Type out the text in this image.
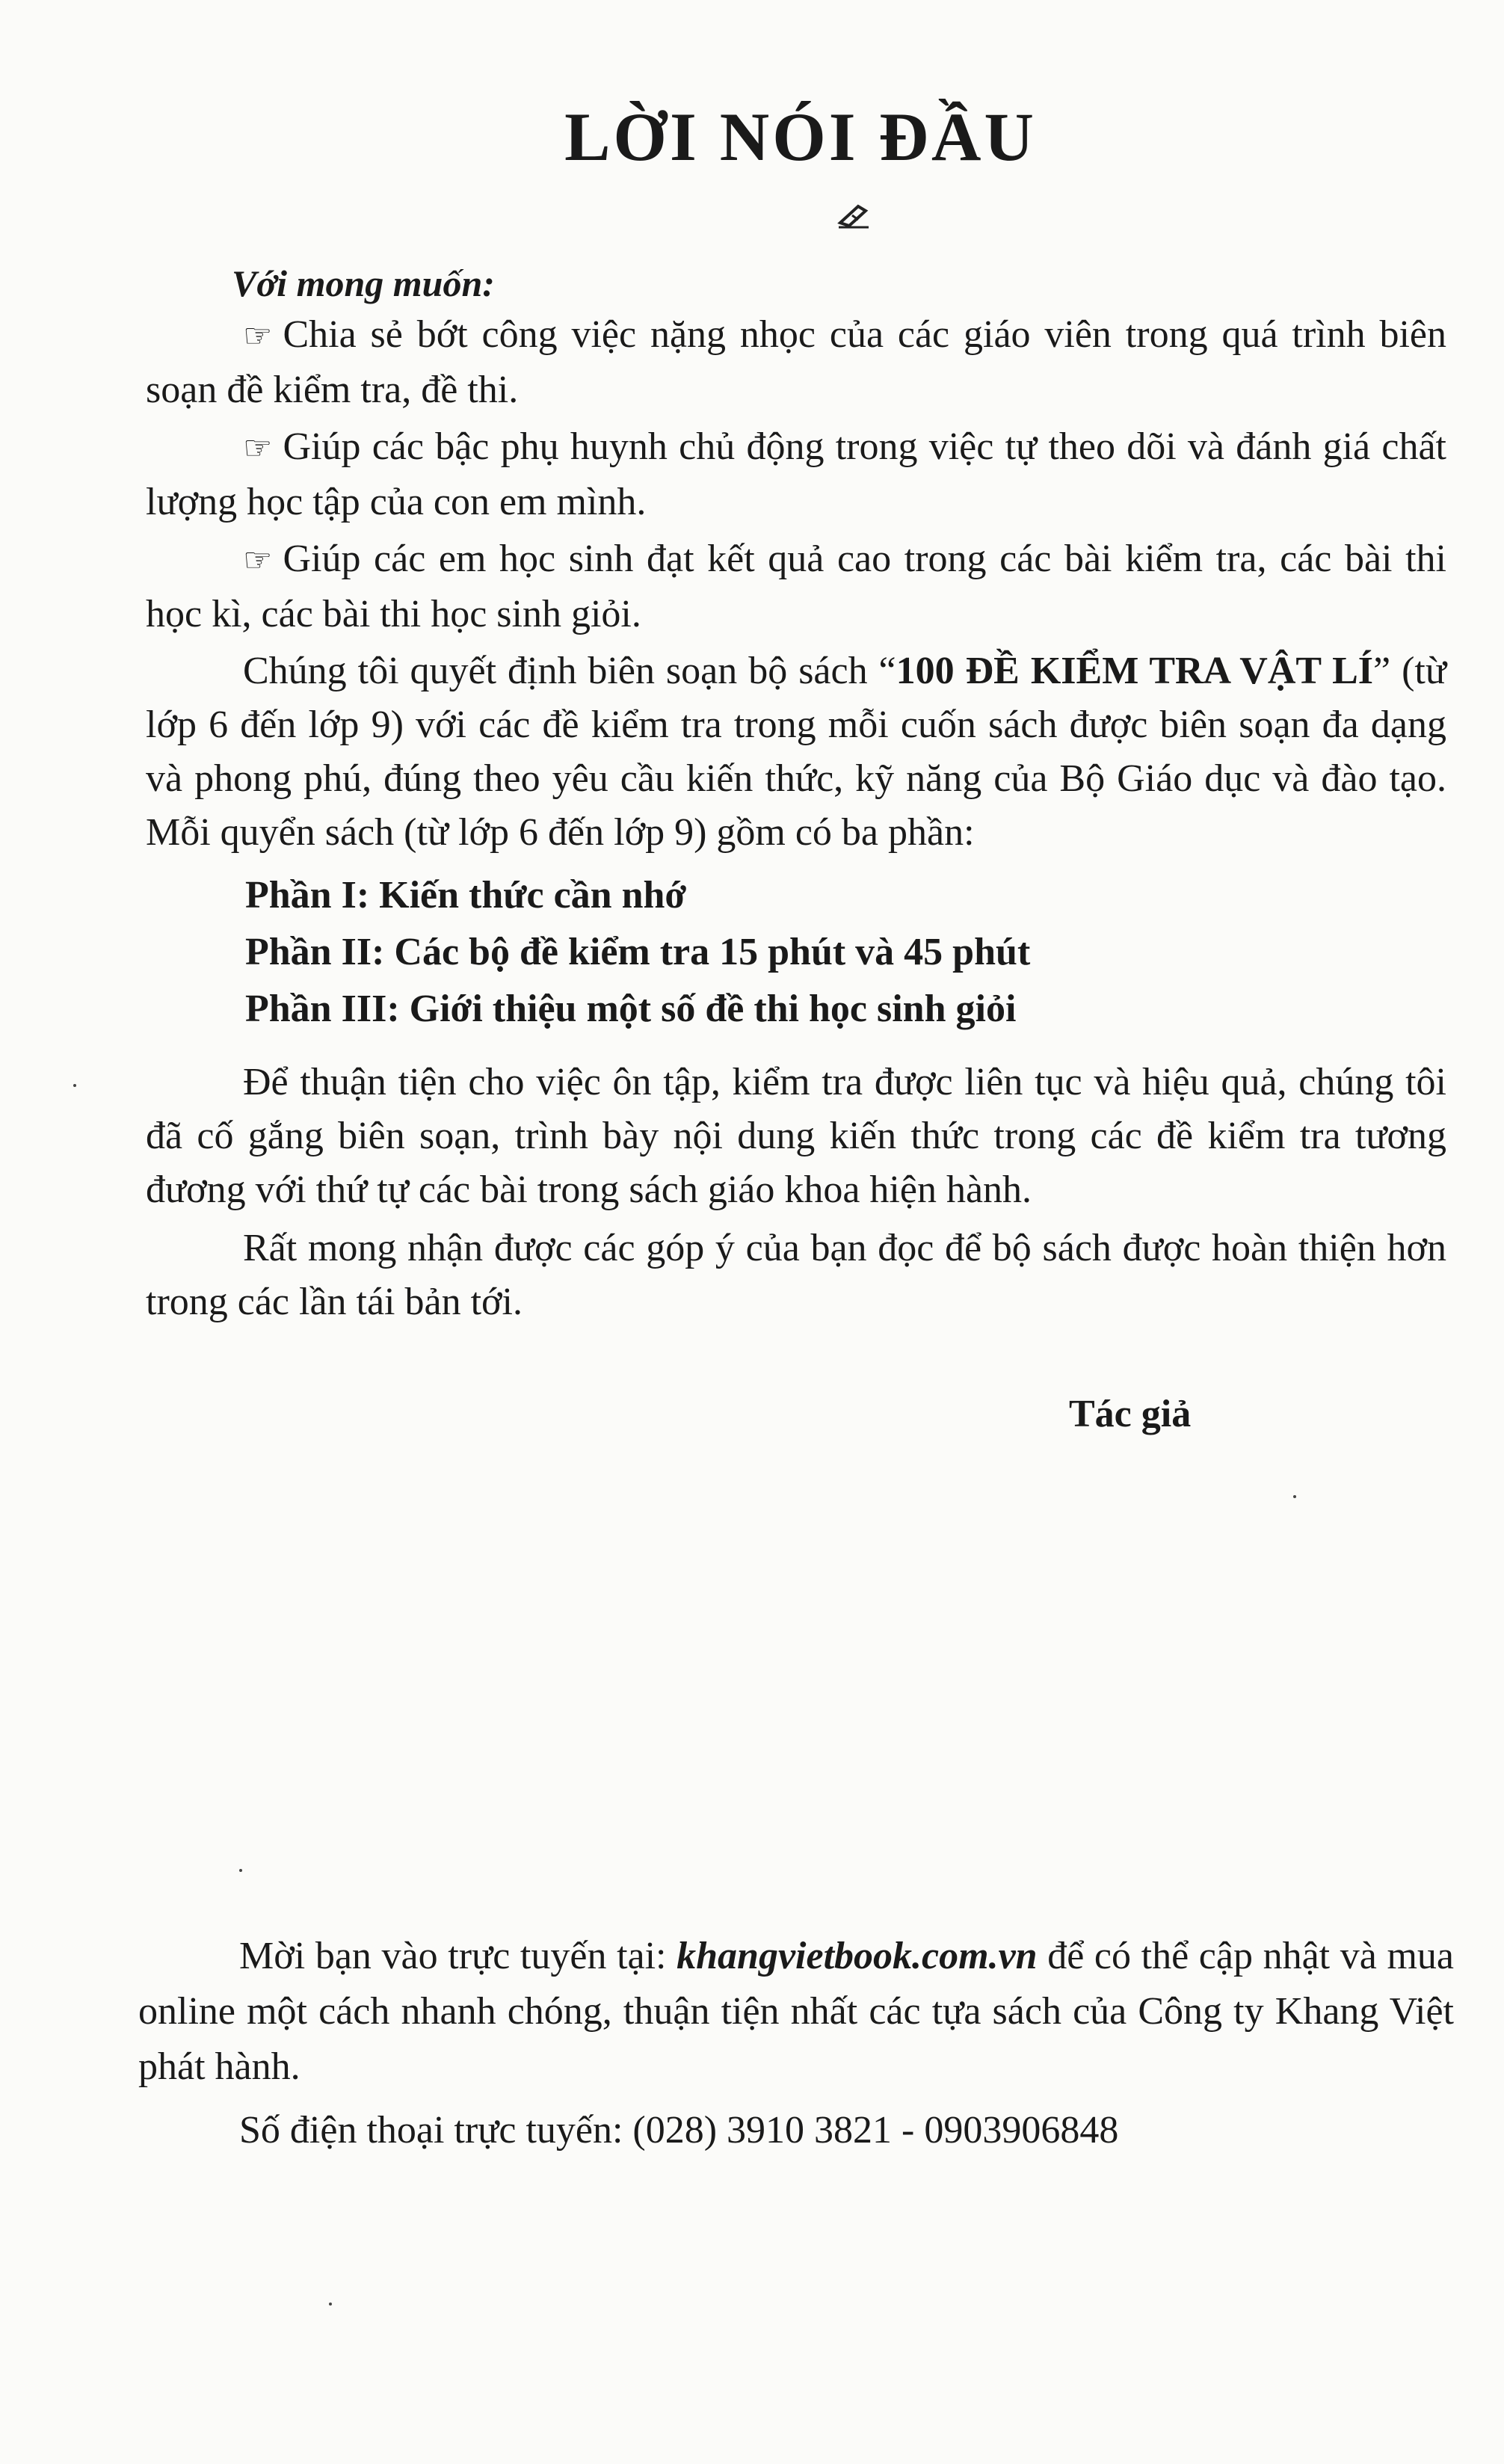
LỜI NÓI ĐẦU
Với mong muốn:
☞ Chia sẻ bớt công việc nặng nhọc của các giáo viên trong quá trình biên soạn đề kiểm tra, đề thi.
☞ Giúp các bậc phụ huynh chủ động trong việc tự theo dõi và đánh giá chất lượng học tập của con em mình.
☞ Giúp các em học sinh đạt kết quả cao trong các bài kiểm tra, các bài thi học kì, các bài thi học sinh giỏi.
Chúng tôi quyết định biên soạn bộ sách “100 ĐỀ KIỂM TRA VẬT LÍ” (từ lớp 6 đến lớp 9) với các đề kiểm tra trong mỗi cuốn sách được biên soạn đa dạng và phong phú, đúng theo yêu cầu kiến thức, kỹ năng của Bộ Giáo dục và đào tạo. Mỗi quyển sách (từ lớp 6 đến lớp 9) gồm có ba phần:
Phần I: Kiến thức cần nhớ
Phần II: Các bộ đề kiểm tra 15 phút và 45 phút
Phần III: Giới thiệu một số đề thi học sinh giỏi
Để thuận tiện cho việc ôn tập, kiểm tra được liên tục và hiệu quả, chúng tôi đã cố gắng biên soạn, trình bày nội dung kiến thức trong các đề kiểm tra tương đương với thứ tự các bài trong sách giáo khoa hiện hành.
Rất mong nhận được các góp ý của bạn đọc để bộ sách được hoàn thiện hơn trong các lần tái bản tới.
Tác giả
Mời bạn vào trực tuyến tại: khangvietbook.com.vn để có thể cập nhật và mua online một cách nhanh chóng, thuận tiện nhất các tựa sách của Công ty Khang Việt phát hành.
Số điện thoại trực tuyến: (028) 3910 3821 - 0903906848
